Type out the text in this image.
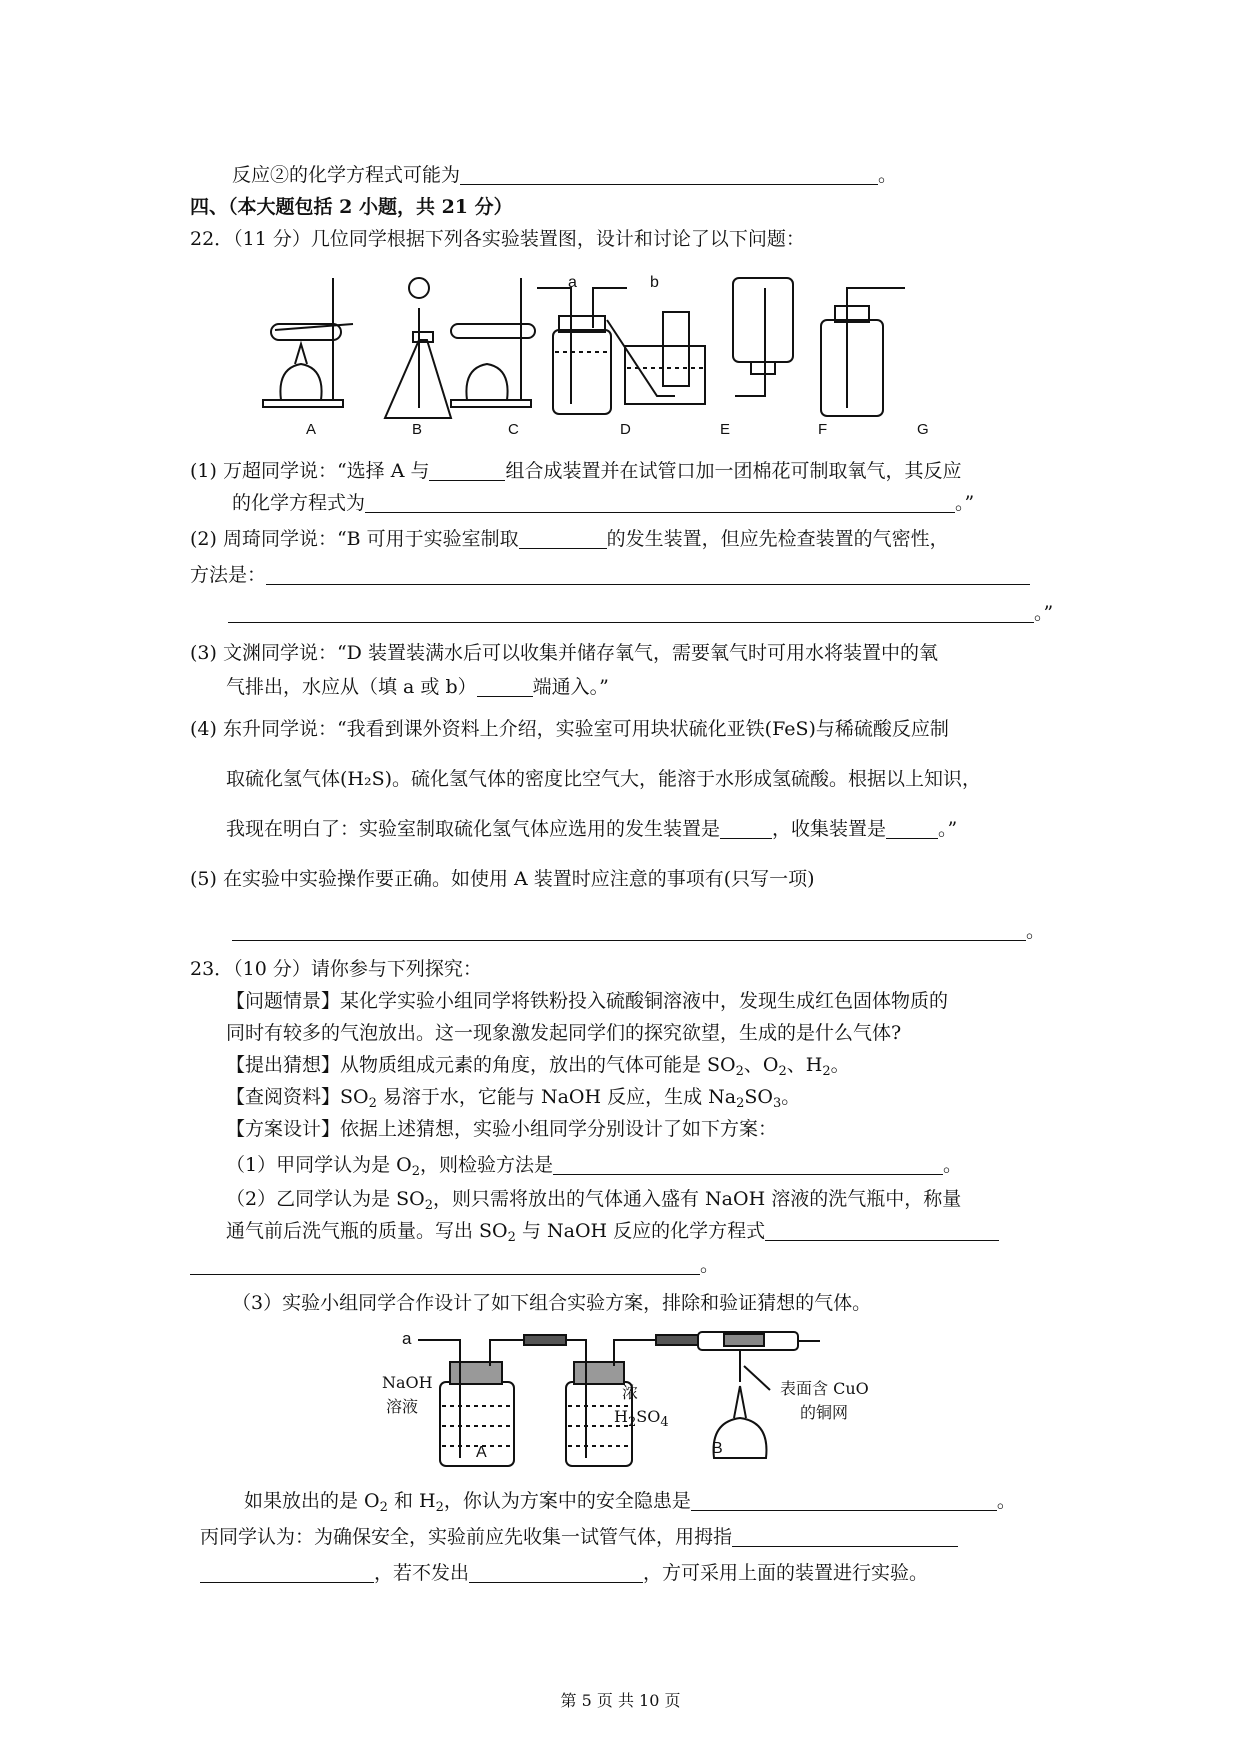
反应②的化学方程式可能为	。
四、（本大题包括 2 小题，共 21 分）
22．（11 分）几位同学根据下列各实验装置图，设计和讨论了以下问题：
a	b
A	B	C	D	E	F	G
(1) 万超同学说：“选择 A 与	组合成装置并在试管口加一团棉花可制取氧气，其反应
的化学方程式为	。”
(2) 周琦同学说：“B 可用于实验室制取	的发生装置，但应先检查装置的气密性，
方法是：
。”
(3) 文渊同学说：“D 装置装满水后可以收集并储存氧气，需要氧气时可用水将装置中的氧
气排出，水应从（填 a 或 b）	端通入。”
(4) 东升同学说：“我看到课外资料上介绍，实验室可用块状硫化亚铁(FeS)与稀硫酸反应制
取硫化氢气体(H₂S)。硫化氢气体的密度比空气大，能溶于水形成氢硫酸。根据以上知识，
我现在明白了：实验室制取硫化氢气体应选用的发生装置是	，收集装置是	。”
(5) 在实验中实验操作要正确。如使用 A 装置时应注意的事项有(只写一项)
。
23．（10 分）请你参与下列探究：
【问题情景】某化学实验小组同学将铁粉投入硫酸铜溶液中，发现生成红色固体物质的
同时有较多的气泡放出。这一现象激发起同学们的探究欲望，生成的是什么气体?
【提出猜想】从物质组成元素的角度，放出的气体可能是 $SO_2$、$O_2$、$H_2$。
【查阅资料】$SO_2$ 易溶于水，它能与 NaOH 反应，生成 $Na_2SO_3$。
【方案设计】依据上述猜想，实验小组同学分别设计了如下方案：
（1）甲同学认为是 $O_2$，则检验方法是	。
（2）乙同学认为是 $SO_2$，则只需将放出的气体通入盛有 NaOH 溶液的洗气瓶中，称量
通气前后洗气瓶的质量。写出 $SO_2$ 与 NaOH 反应的化学方程式
。
（3）实验小组同学合作设计了如下组合实验方案，排除和验证猜想的气体。
a
NaOH
溶液
浓
$H_2SO_4$
表面含 CuO
的铜网
A	B
如果放出的是 $O_2$ 和 $H_2$，你认为方案中的安全隐患是	。
丙同学认为：为确保安全，实验前应先收集一试管气体，用拇指
，若不发出	，方可采用上面的装置进行实验。
第 5 页 共 10 页
